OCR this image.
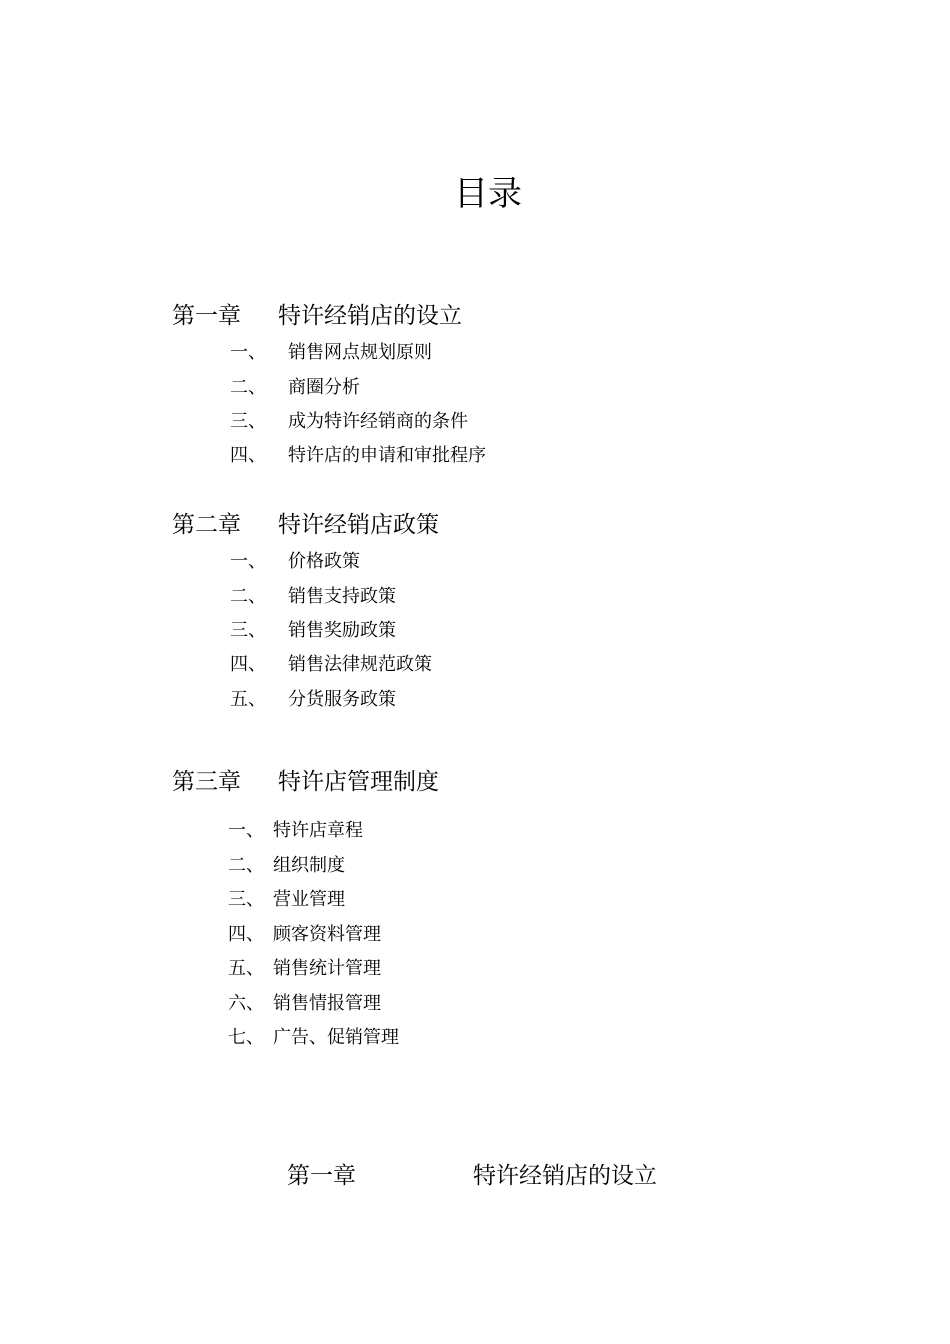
目录
第一章 特许经销店的设立
一、 销售网点规划原则
二、 商圈分析
三、 成为特许经销商的条件
四、 特许店的申请和审批程序
第二章 特许经销店政策
一、 价格政策
二、 销售支持政策
三、 销售奖励政策
四、 销售法律规范政策
五、 分货服务政策
第三章 特许店管理制度
一、 特许店章程
二、 组织制度
三、 营业管理
四、 顾客资料管理
五、 销售统计管理
六、 销售情报管理
七、 广告、促销管理
第一章	特许经销店的设立
